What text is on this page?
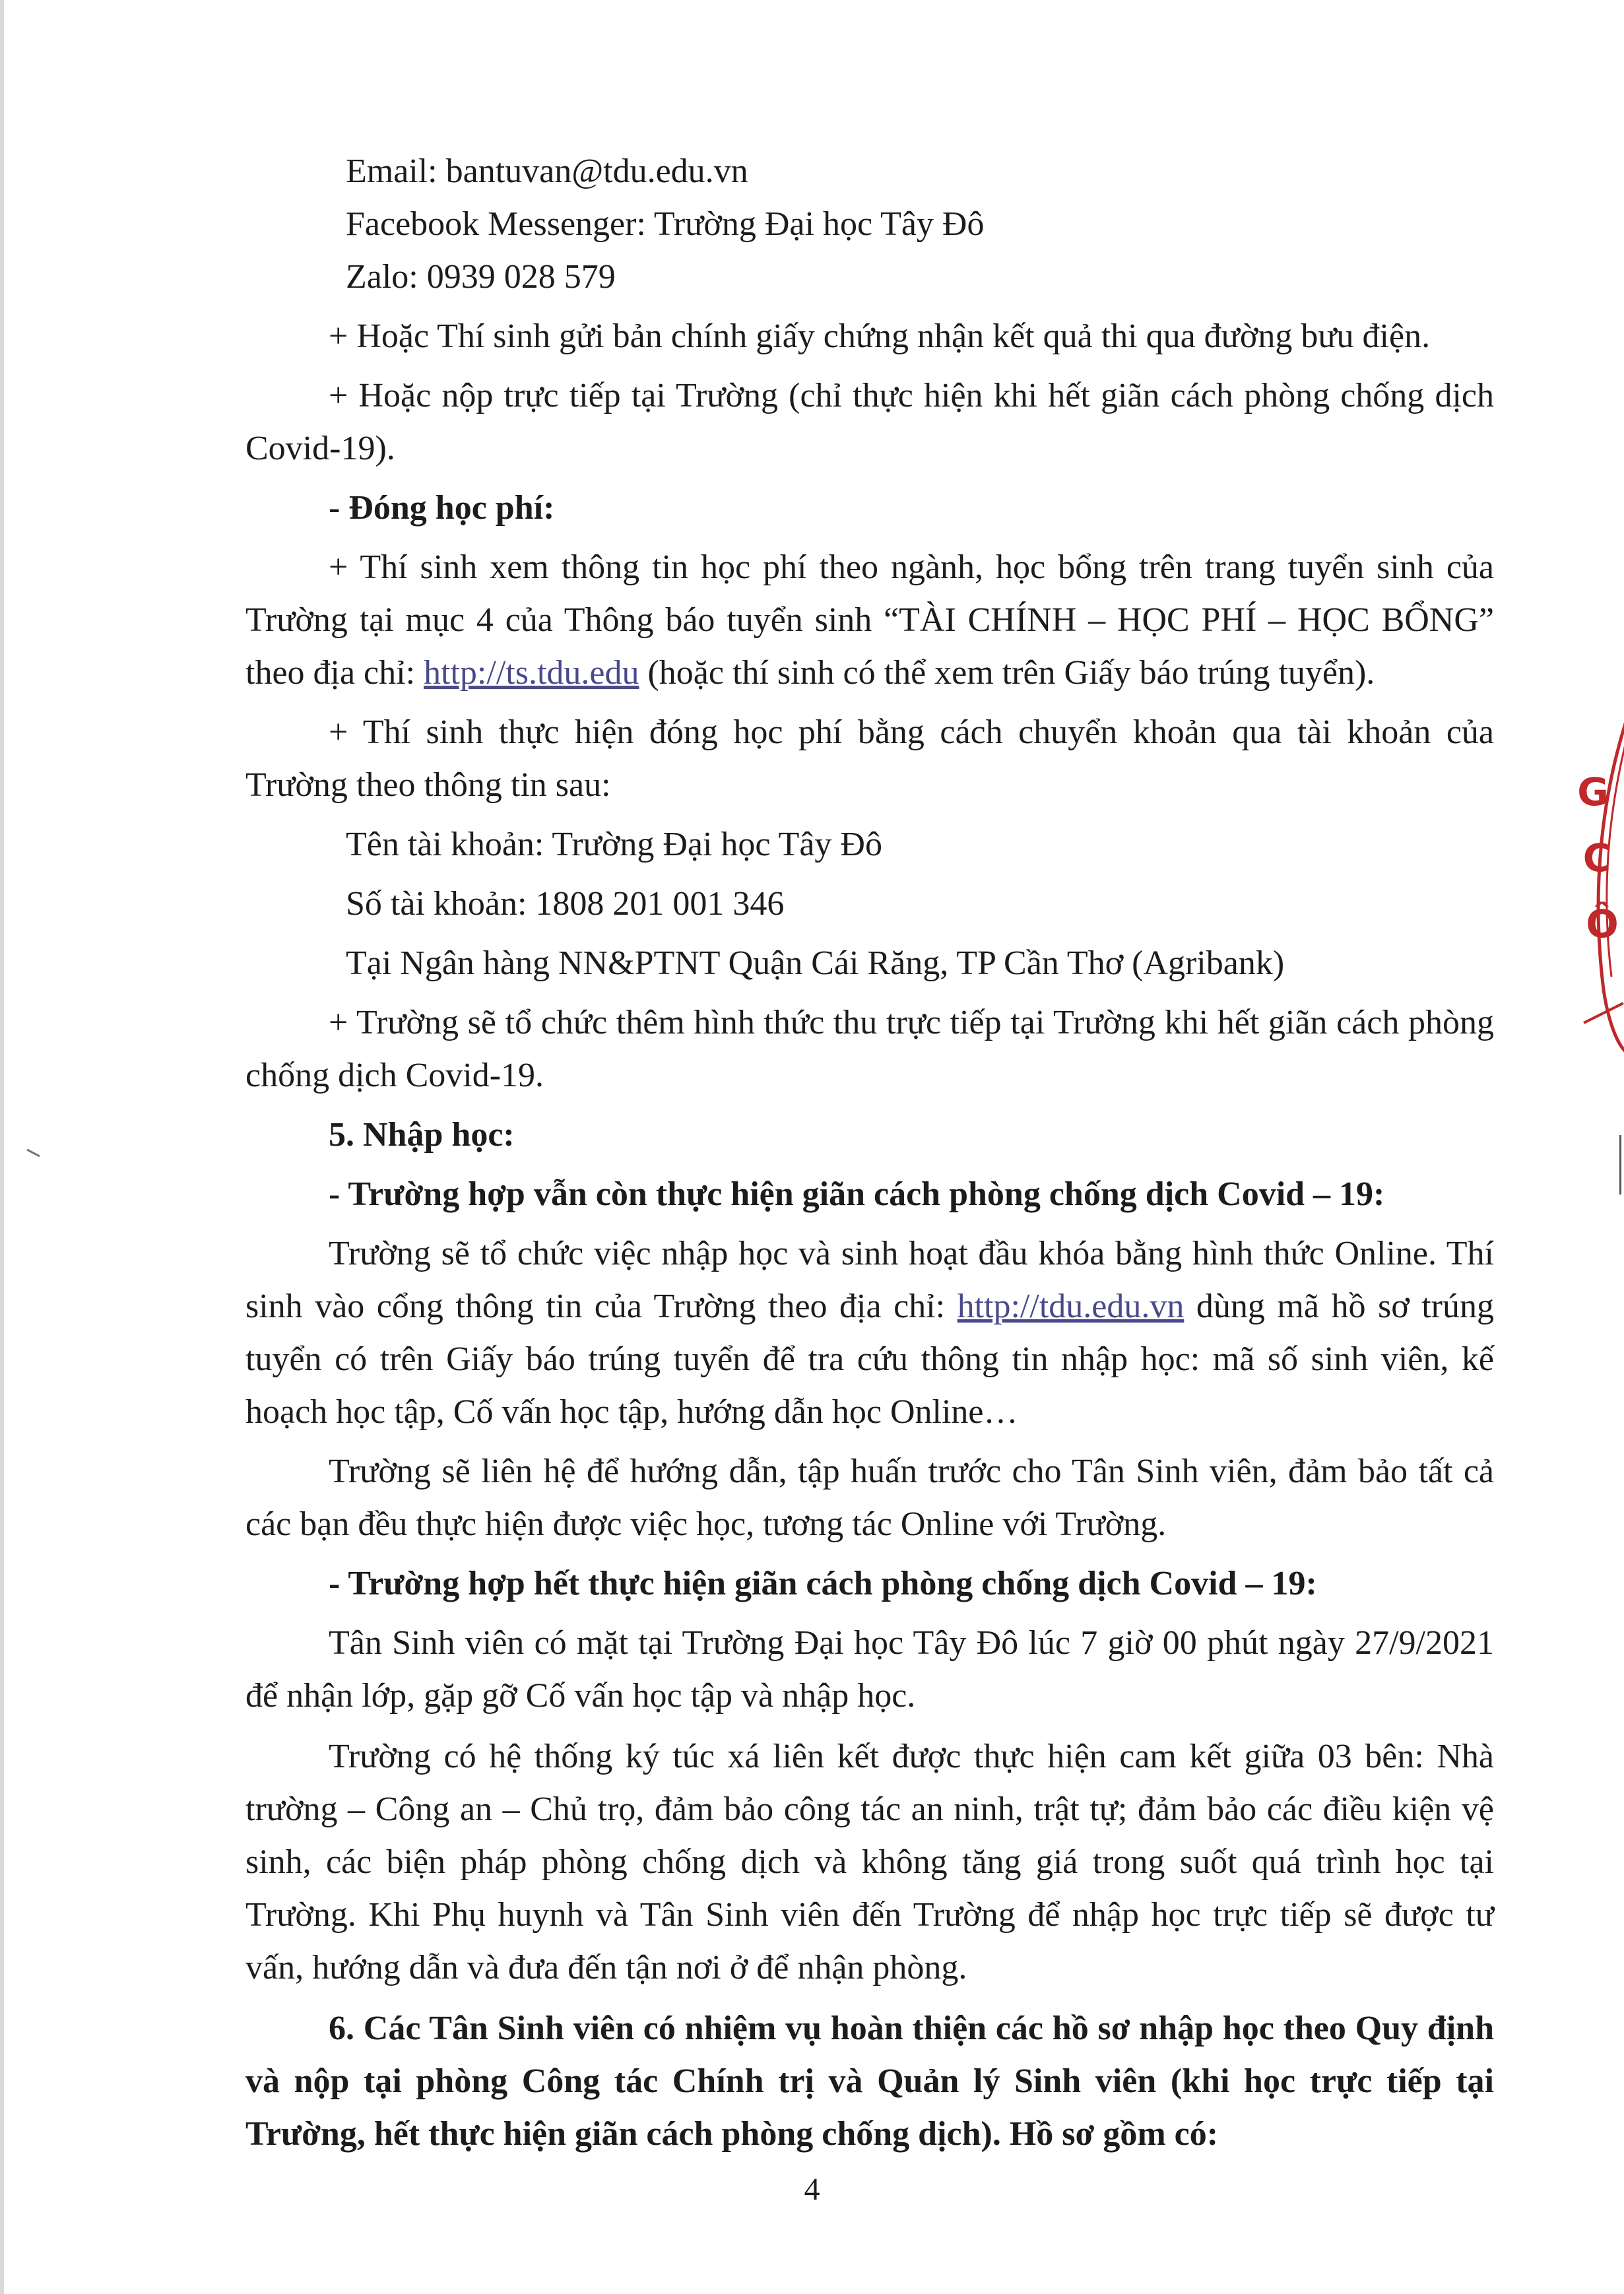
Email: bantuvan@tdu.edu.vn
Facebook Messenger: Trường Đại học Tây Đô
Zalo: 0939 028 579

+ Hoặc Thí sinh gửi bản chính giấy chứng nhận kết quả thi qua đường bưu điện.

+ Hoặc nộp trực tiếp tại Trường (chỉ thực hiện khi hết giãn cách phòng chống dịch Covid-19).

- Đóng học phí:

+ Thí sinh xem thông tin học phí theo ngành, học bổng trên trang tuyển sinh của Trường tại mục 4 của Thông báo tuyển sinh “TÀI CHÍNH – HỌC PHÍ – HỌC BỔNG” theo địa chỉ: http://ts.tdu.edu (hoặc thí sinh có thể xem trên Giấy báo trúng tuyển).

+ Thí sinh thực hiện đóng học phí bằng cách chuyển khoản qua tài khoản của Trường theo thông tin sau:

Tên tài khoản: Trường Đại học Tây Đô
Số tài khoản: 1808 201 001 346
Tại Ngân hàng NN&PTNT Quận Cái Răng, TP Cần Thơ (Agribank)

+ Trường sẽ tổ chức thêm hình thức thu trực tiếp tại Trường khi hết giãn cách phòng chống dịch Covid-19.

5. Nhập học:

- Trường hợp vẫn còn thực hiện giãn cách phòng chống dịch Covid – 19:

Trường sẽ tổ chức việc nhập học và sinh hoạt đầu khóa bằng hình thức Online. Thí sinh vào cổng thông tin của Trường theo địa chỉ: http://tdu.edu.vn dùng mã hồ sơ trúng tuyển có trên Giấy báo trúng tuyển để tra cứu thông tin nhập học: mã số sinh viên, kế hoạch học tập, Cố vấn học tập, hướng dẫn học Online…

Trường sẽ liên hệ để hướng dẫn, tập huấn trước cho Tân Sinh viên, đảm bảo tất cả các bạn đều thực hiện được việc học, tương tác Online với Trường.

- Trường hợp hết thực hiện giãn cách phòng chống dịch Covid – 19:

Tân Sinh viên có mặt tại Trường Đại học Tây Đô lúc 7 giờ 00 phút ngày 27/9/2021 để nhận lớp, gặp gỡ Cố vấn học tập và nhập học.

Trường có hệ thống ký túc xá liên kết được thực hiện cam kết giữa 03 bên: Nhà trường – Công an – Chủ trọ, đảm bảo công tác an ninh, trật tự; đảm bảo các điều kiện vệ sinh, các biện pháp phòng chống dịch và không tăng giá trong suốt quá trình học tại Trường. Khi Phụ huynh và Tân Sinh viên đến Trường để nhập học trực tiếp sẽ được tư vấn, hướng dẫn và đưa đến tận nơi ở để nhận phòng.

6. Các Tân Sinh viên có nhiệm vụ hoàn thiện các hồ sơ nhập học theo Quy định và nộp tại phòng Công tác Chính trị và Quản lý Sinh viên (khi học trực tiếp tại Trường, hết thực hiện giãn cách phòng chống dịch). Hồ sơ gồm có:

4
G
C
Ô
